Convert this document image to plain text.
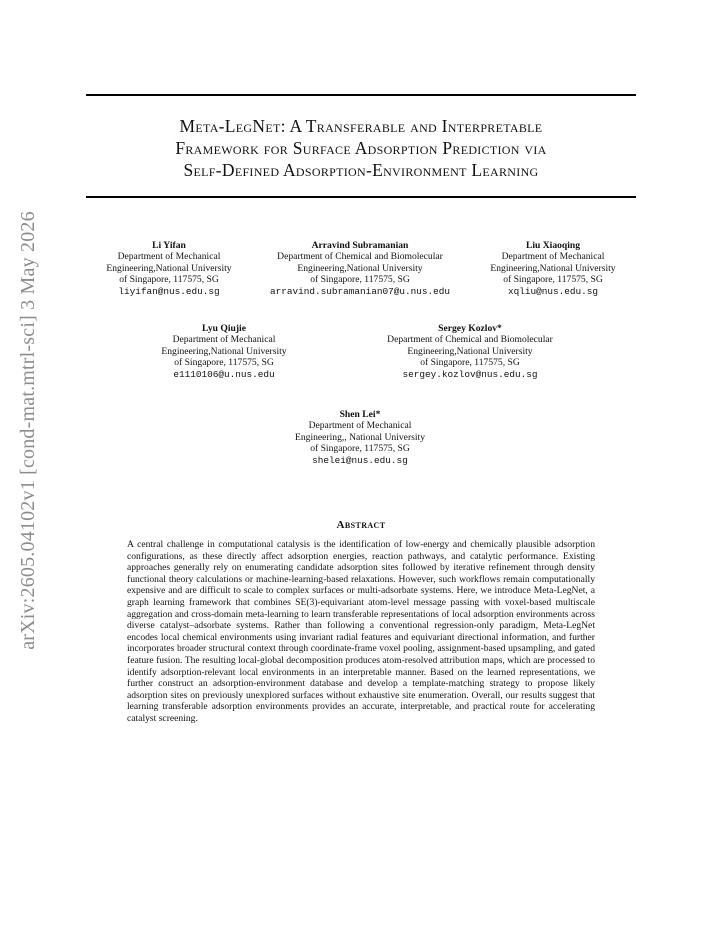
arXiv:2605.04102v1 [cond-mat.mtrl-sci] 3 May 2026
Meta-LegNet: A Transferable and Interpretable
Framework for Surface Adsorption Prediction via
Self-Defined Adsorption-Environment Learning
Li Yifan
Department of Mechanical
Engineering,National University
of Singapore, 117575, SG
liyifan@nus.edu.sg
Arravind Subramanian
Department of Chemical and Biomolecular
Engineering,National University
of Singapore, 117575, SG
arravind.subramanian07@u.nus.edu
Liu Xiaoqing
Department of Mechanical
Engineering,National University
of Singapore, 117575, SG
xqliu@nus.edu.sg
Lyu Qiujie
Department of Mechanical
Engineering,National University
of Singapore, 117575, SG
e1110106@u.nus.edu
Sergey Kozlov*
Department of Chemical and Biomolecular
Engineering,National University
of Singapore, 117575, SG
sergey.kozlov@nus.edu.sg
Shen Lei*
Department of Mechanical
Engineering,, National University
of Singapore, 117575, SG
shelei@nus.edu.sg
Abstract
A central challenge in computational catalysis is the identification of low-energy and chemically plausible adsorption configurations, as these directly affect adsorption energies, reaction pathways, and catalytic performance. Existing approaches generally rely on enumerating candidate adsorption sites followed by iterative refinement through density functional theory calculations or machine-learning-based relaxations. However, such workflows remain computationally expensive and are difficult to scale to complex surfaces or multi-adsorbate systems. Here, we introduce Meta-LegNet, a graph learning framework that combines SE(3)-equivariant atom-level message passing with voxel-based multiscale aggregation and cross-domain meta-learning to learn transferable representations of local adsorption environments across diverse catalyst–adsorbate systems. Rather than following a conventional regression-only paradigm, Meta-LegNet encodes local chemical environments using invariant radial features and equivariant directional information, and further incorporates broader structural context through coordinate-frame voxel pooling, assignment-based upsampling, and gated feature fusion. The resulting local-global decomposition produces atom-resolved attribution maps, which are processed to identify adsorption-relevant local environments in an interpretable manner. Based on the learned representations, we further construct an adsorption-environment database and develop a template-matching strategy to propose likely adsorption sites on previously unexplored surfaces without exhaustive site enumeration. Overall, our results suggest that learning transferable adsorption environments provides an accurate, interpretable, and practical route for accelerating catalyst screening.
